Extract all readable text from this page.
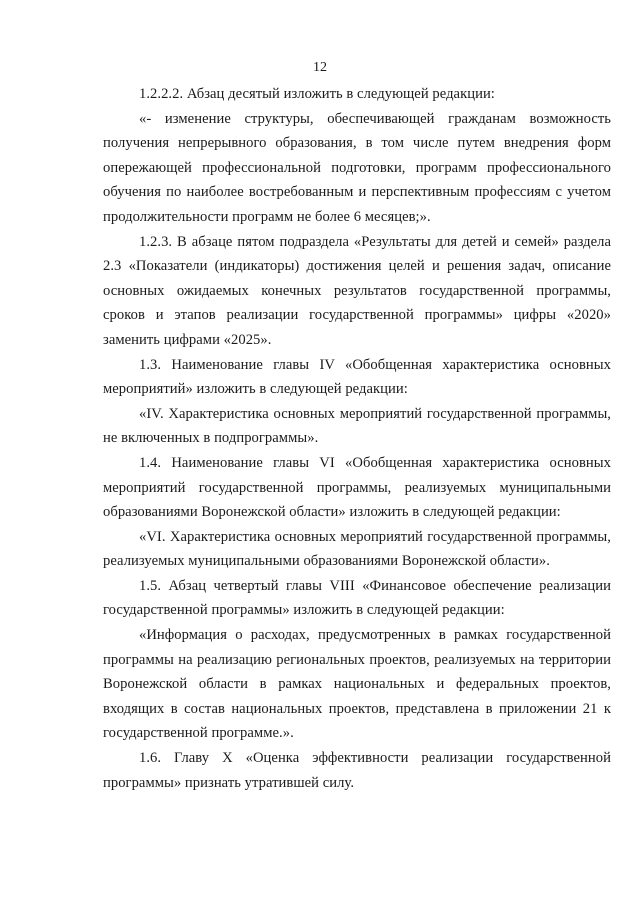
12

1.2.2.2. Абзац десятый изложить в следующей редакции:

«- изменение структуры, обеспечивающей гражданам возможность получения непрерывного образования, в том числе путем внедрения форм опережающей профессиональной подготовки, программ профессионального обучения по наиболее востребованным и перспективным профессиям с учетом продолжительности программ не более 6 месяцев;».

1.2.3. В абзаце пятом подраздела «Результаты для детей и семей» раздела 2.3 «Показатели (индикаторы) достижения целей и решения задач, описание основных ожидаемых конечных результатов государственной программы, сроков и этапов реализации государственной программы» цифры «2020» заменить цифрами «2025».

1.3. Наименование главы IV «Обобщенная характеристика основных мероприятий» изложить в следующей редакции:

«IV. Характеристика основных мероприятий государственной программы, не включенных в подпрограммы».

1.4. Наименование главы VI «Обобщенная характеристика основных мероприятий государственной программы, реализуемых муниципальными образованиями Воронежской области» изложить в следующей редакции:

«VI. Характеристика основных мероприятий государственной программы, реализуемых муниципальными образованиями Воронежской области».

1.5. Абзац четвертый главы VIII «Финансовое обеспечение реализации государственной программы» изложить в следующей редакции:

«Информация о расходах, предусмотренных в рамках государственной программы на реализацию региональных проектов, реализуемых на территории Воронежской области в рамках национальных и федеральных проектов, входящих в состав национальных проектов, представлена в приложении 21 к государственной программе.».

1.6. Главу X «Оценка эффективности реализации государственной программы» признать утратившей силу.
